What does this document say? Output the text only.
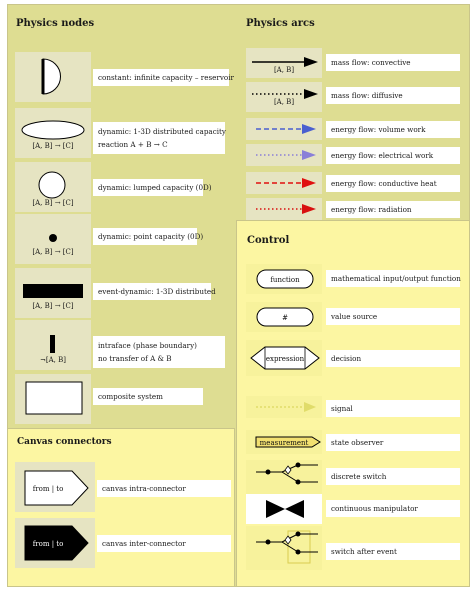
Physics nodes	Physics arcs
constant: infinite capacity – reservoir
[A, B] → [C]
dynamic: 1-3D distributed capacity
reaction A + B → C
[A, B] → [C]
dynamic: lumped capacity (0D)
[A, B] → [C]
dynamic: point capacity (0D)
[A, B] → [C]
event-dynamic: 1-3D distributed
¬[A, B]
intraface (phase boundary)
no transfer of A & B
composite system
[A, B]
mass flow: convective
[A, B]
mass flow: diffusive
energy flow: volume work
energy flow: electrical work
energy flow: conductive heat
energy flow: radiation
Control
function	mathematical input/output function
#	value source
expression	decision
signal
measurement	state observer
discrete switch
continuous manipulator
switch after event
Canvas connectors
from | to	canvas intra-connector
from | to	canvas inter-connector
